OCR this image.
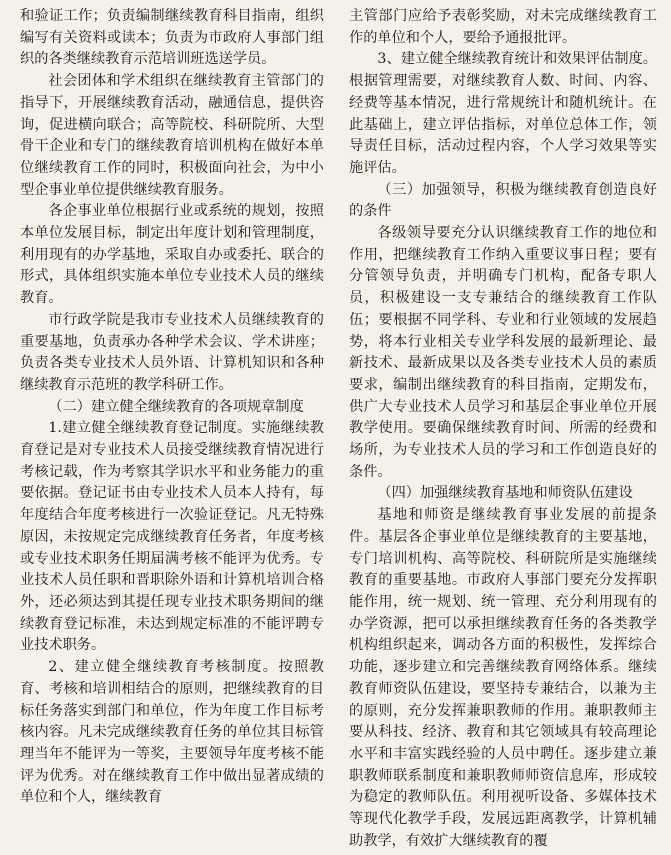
和验证工作；负责编制继续教育科目指南，组织编写有关资料或读本；负责为市政府人事部门组织的各类继续教育示范培训班选送学员。

社会团体和学术组织在继续教育主管部门的指导下，开展继续教育活动，融通信息，提供咨询，促进横向联合；高等院校、科研院所、大型骨干企业和专门的继续教育培训机构在做好本单位继续教育工作的同时，积极面向社会，为中小型企事业单位提供继续教育服务。

各企事业单位根据行业或系统的规划，按照本单位发展目标，制定出年度计划和管理制度，利用现有的办学基地，采取自办或委托、联合的形式，具体组织实施本单位专业技术人员的继续教育。

市行政学院是我市专业技术人员继续教育的重要基地，负责承办各种学术会议、学术讲座；负责各类专业技术人员外语、计算机知识和各种继续教育示范班的教学科研工作。

（二）建立健全继续教育的各项规章制度

1.建立健全继续教育登记制度。实施继续教育登记是对专业技术人员接受继续教育情况进行考核记载，作为考察其学识水平和业务能力的重要依据。登记证书由专业技术人员本人持有，每年度结合年度考核进行一次验证登记。凡无特殊原因，未按规定完成继续教育任务者，年度考核或专业技术职务任期届满考核不能评为优秀。专业技术人员任职和晋职除外语和计算机培训合格外，还必须达到其提任现专业技术职务期间的继续教育登记标准，未达到规定标准的不能评聘专业技术职务。

2、建立健全继续教育考核制度。按照教育、考核和培训相结合的原则，把继续教育的目标任务落实到部门和单位，作为年度工作目标考核内容。凡未完成继续教育任务的单位其目标管理当年不能评为一等奖，主要领导年度考核不能评为优秀。对在继续教育工作中做出显著成绩的单位和个人，继续教育

主管部门应给予表彰奖励，对未完成继续教育工作的单位和个人，要给予通报批评。

3、建立健全继续教育统计和效果评估制度。根据管理需要，对继续教育人数、时间、内容、经费等基本情况，进行常规统计和随机统计。在此基础上，建立评估指标，对单位总体工作，领导责任目标，活动过程内容，个人学习效果等实施评估。

（三）加强领导，积极为继续教育创造良好的条件

各级领导要充分认识继续教育工作的地位和作用，把继续教育工作纳入重要议事日程；要有分管领导负责，并明确专门机构，配备专职人员，积极建设一支专兼结合的继续教育工作队伍；要根据不同学科、专业和行业领域的发展趋势，将本行业相关专业学科发展的最新理论、最新技术、最新成果以及各类专业技术人员的素质要求，编制出继续教育的科目指南，定期发布，供广大专业技术人员学习和基层企事业单位开展教学使用。要确保继续教育时间、所需的经费和场所，为专业技术人员的学习和工作创造良好的条件。

（四）加强继续教育基地和师资队伍建设

基地和师资是继续教育事业发展的前提条件。基层各企事业单位是继续教育的主要基地，专门培训机构、高等院校、科研院所是实施继续教育的重要基地。市政府人事部门要充分发挥职能作用，统一规划、统一管理、充分利用现有的办学资源，把可以承担继续教育任务的各类教学机构组织起来，调动各方面的积极性，发挥综合功能，逐步建立和完善继续教育网络体系。继续教育师资队伍建设，要坚持专兼结合，以兼为主的原则，充分发挥兼职教师的作用。兼职教师主要从科技、经济、教育和其它领域具有较高理论水平和丰富实践经验的人员中聘任。逐步建立兼职教师联系制度和兼职教师师资信息库，形成较为稳定的教师队伍。利用视听设备、多媒体技术等现代化教学手段，发展远距离教学，计算机辅助教学，有效扩大继续教育的覆
